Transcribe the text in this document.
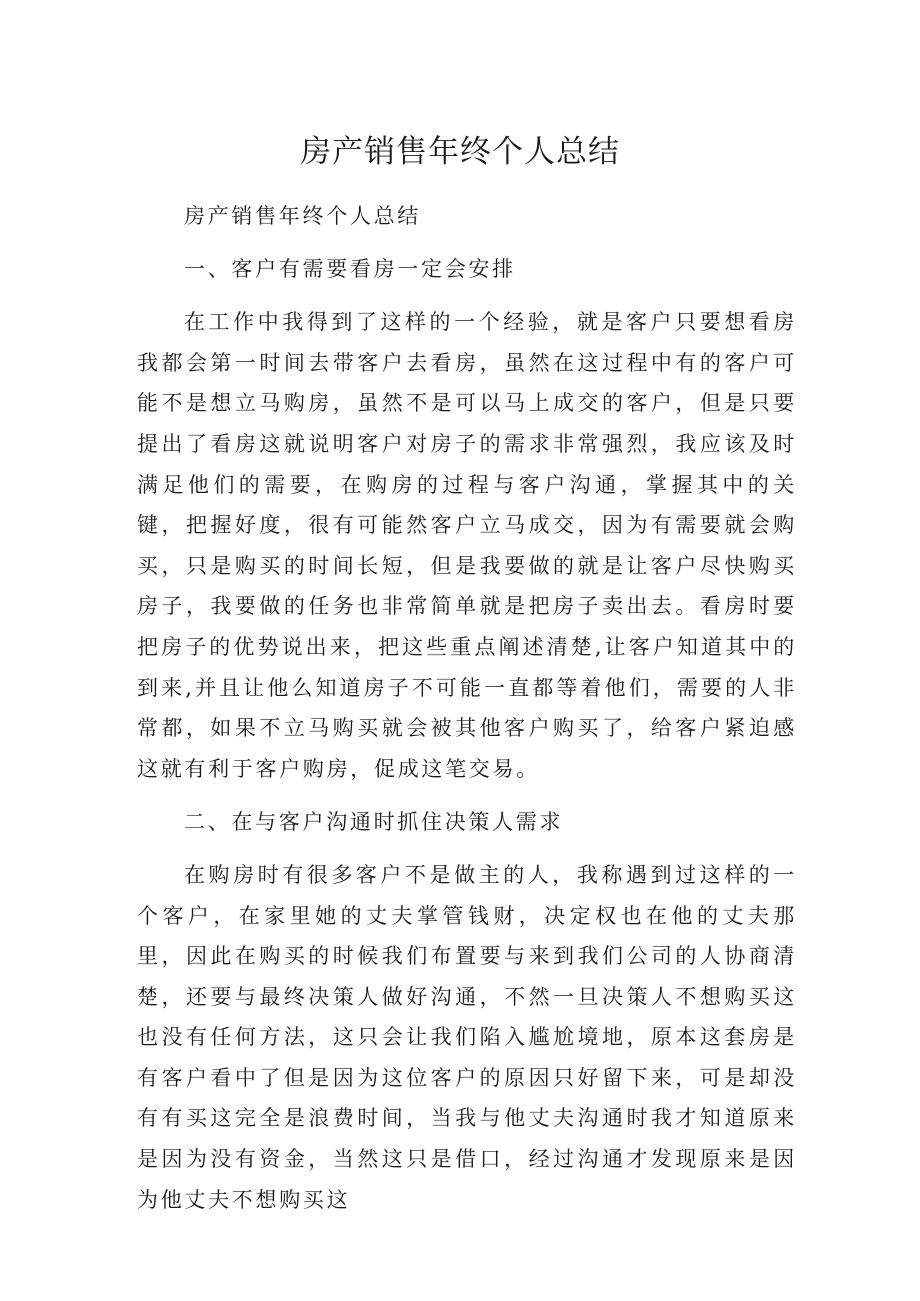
房产销售年终个人总结

房产销售年终个人总结

一、客户有需要看房一定会安排

在工作中我得到了这样的一个经验，就是客户只要想看房我都会第一时间去带客户去看房，虽然在这过程中有的客户可能不是想立马购房，虽然不是可以马上成交的客户，但是只要提出了看房这就说明客户对房子的需求非常强烈，我应该及时满足他们的需要，在购房的过程与客户沟通，掌握其中的关键，把握好度，很有可能然客户立马成交，因为有需要就会购买，只是购买的时间长短，但是我要做的就是让客户尽快购买房子，我要做的任务也非常简单就是把房子卖出去。看房时要把房子的优势说出来，把这些重点阐述清楚,让客户知道其中的到来,并且让他么知道房子不可能一直都等着他们，需要的人非常都，如果不立马购买就会被其他客户购买了，给客户紧迫感这就有利于客户购房，促成这笔交易。

二、在与客户沟通时抓住决策人需求

在购房时有很多客户不是做主的人，我称遇到过这样的一个客户，在家里她的丈夫掌管钱财，决定权也在他的丈夫那里，因此在购买的时候我们布置要与来到我们公司的人协商清楚，还要与最终决策人做好沟通，不然一旦决策人不想购买这也没有任何方法，这只会让我们陷入尴尬境地，原本这套房是有客户看中了但是因为这位客户的原因只好留下来，可是却没有有买这完全是浪费时间，当我与他丈夫沟通时我才知道原来是因为没有资金，当然这只是借口，经过沟通才发现原来是因为他丈夫不想购买这
